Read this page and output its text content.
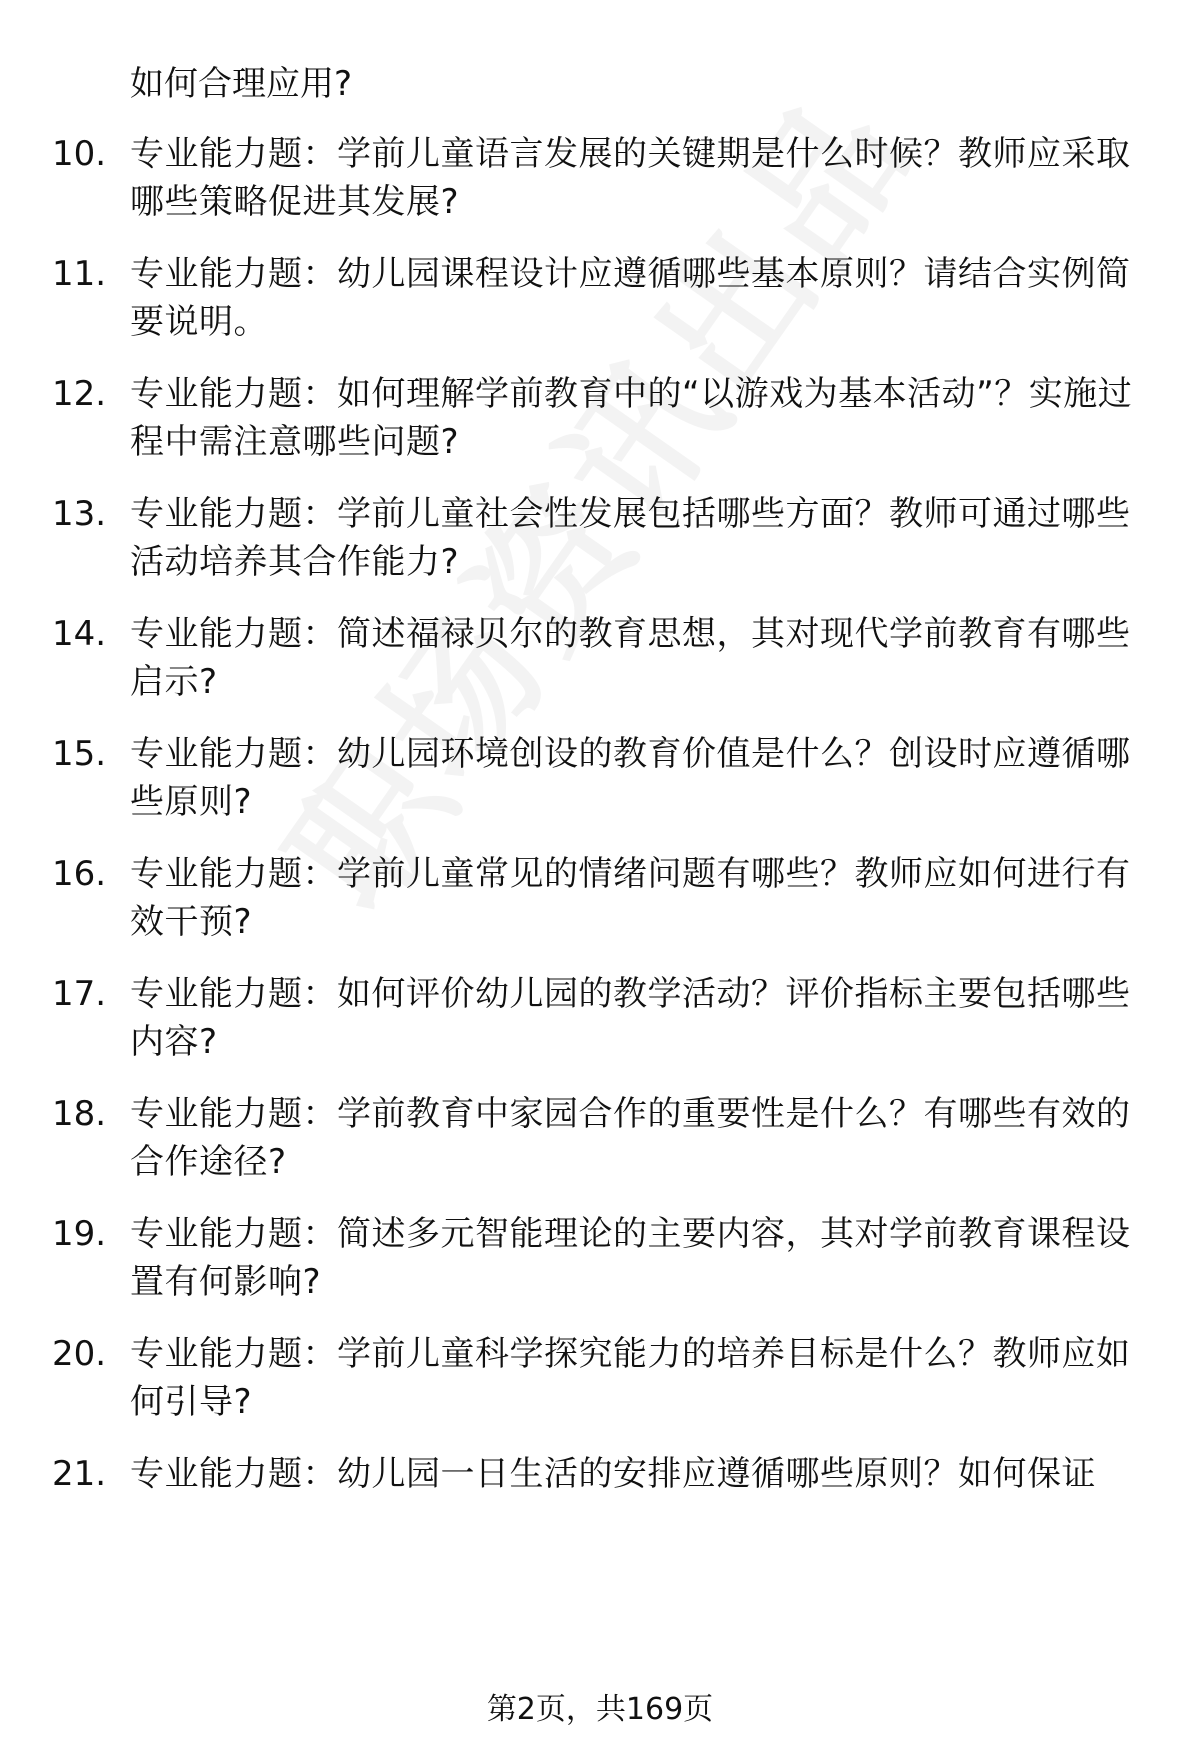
如何合理应用?
10. 专业能力题：学前儿童语言发展的关键期是什么时候？教师应采取哪些策略促进其发展?
11. 专业能力题：幼儿园课程设计应遵循哪些基本原则？请结合实例简要说明。
12. 专业能力题：如何理解学前教育中的“以游戏为基本活动”？实施过程中需注意哪些问题?
13. 专业能力题：学前儿童社会性发展包括哪些方面？教师可通过哪些活动培养其合作能力?
14. 专业能力题：简述福禄贝尔的教育思想，其对现代学前教育有哪些启示?
15. 专业能力题：幼儿园环境创设的教育价值是什么？创设时应遵循哪些原则?
16. 专业能力题：学前儿童常见的情绪问题有哪些？教师应如何进行有效干预?
17. 专业能力题：如何评价幼儿园的教学活动？评价指标主要包括哪些内容?
18. 专业能力题：学前教育中家园合作的重要性是什么？有哪些有效的合作途径?
19. 专业能力题：简述多元智能理论的主要内容，其对学前教育课程设置有何影响?
20. 专业能力题：学前儿童科学探究能力的培养目标是什么？教师应如何引导?
21. 专业能力题：幼儿园一日生活的安排应遵循哪些原则？如何保证
第2页，共169页
